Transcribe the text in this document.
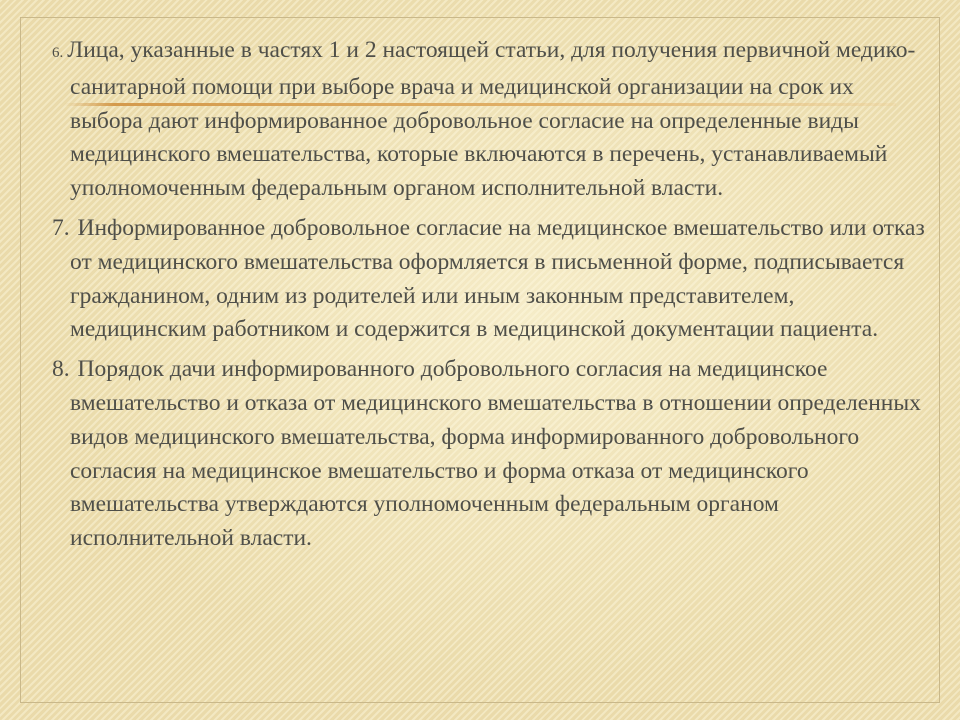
6. Лица, указанные в частях 1 и 2 настоящей статьи, для получения первичной медико-санитарной помощи при выборе врача и медицинской организации на срок их выбора дают информированное добровольное согласие на определенные виды медицинского вмешательства, которые включаются в перечень, устанавливаемый уполномоченным федеральным органом исполнительной власти.

7. Информированное добровольное согласие на медицинское вмешательство или отказ от медицинского вмешательства оформляется в письменной форме, подписывается гражданином, одним из родителей или иным законным представителем, медицинским работником и содержится в медицинской документации пациента.

8. Порядок дачи информированного добровольного согласия на медицинское вмешательство и отказа от медицинского вмешательства в отношении определенных видов медицинского вмешательства, форма информированного добровольного согласия на медицинское вмешательство и форма отказа от медицинского вмешательства утверждаются уполномоченным федеральным органом исполнительной власти.
